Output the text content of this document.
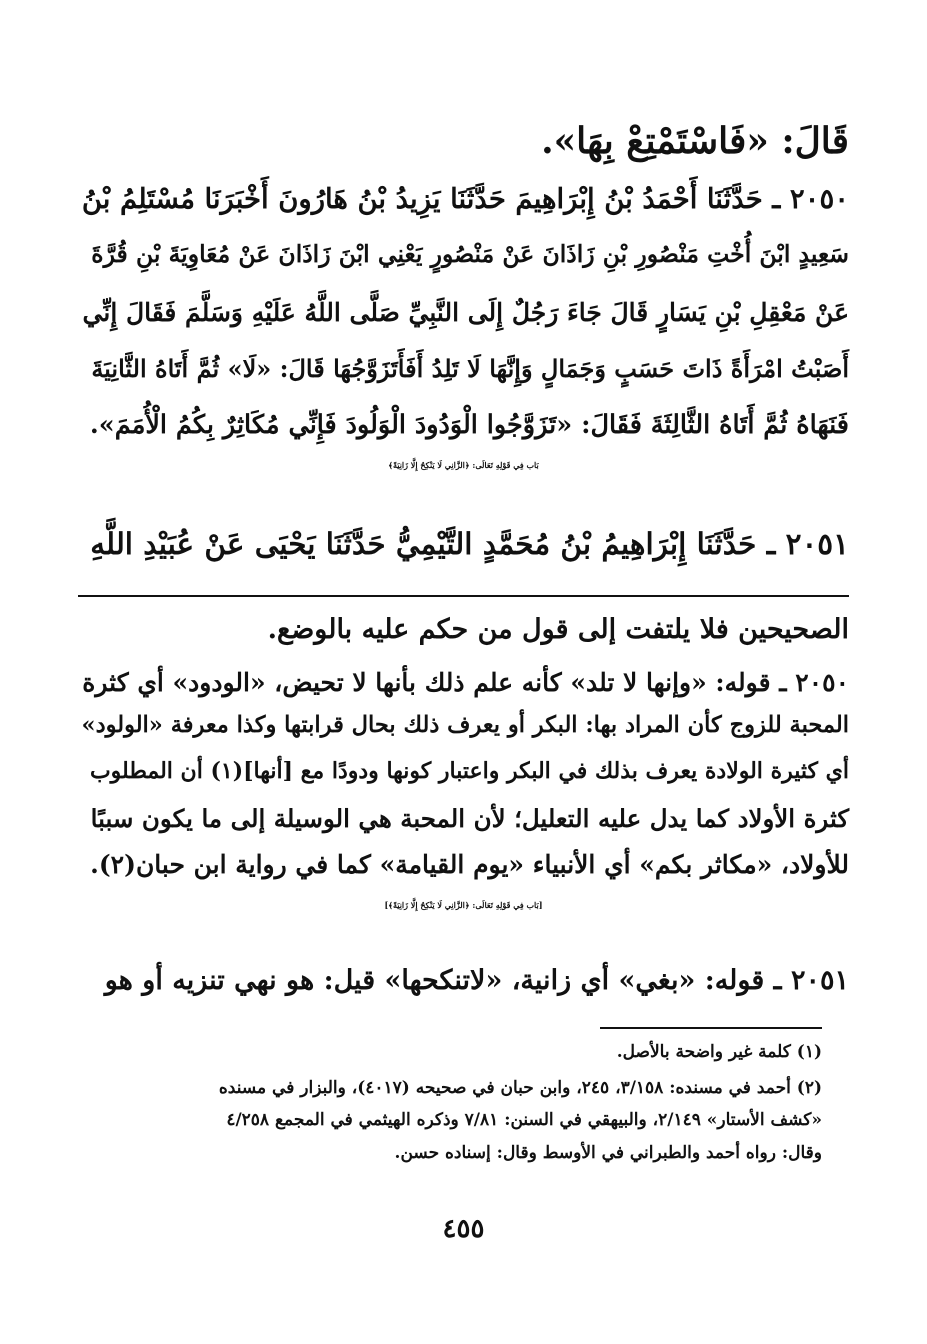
قَالَ: «فَاسْتَمْتِعْ بِهَا».
٢٠٥٠ ـ حَدَّثَنَا أَحْمَدُ بْنُ إِبْرَاهِيمَ حَدَّثَنَا يَزِيدُ بْنُ هَارُونَ أَخْبَرَنَا مُسْتَلِمُ بْنُ
سَعِيدٍ ابْنَ أُخْتِ مَنْصُورِ بْنِ زَاذَانَ عَنْ مَنْصُورٍ يَعْنِي ابْنَ زَاذَانَ عَنْ مُعَاوِيَةَ بْنِ قُرَّةَ
عَنْ مَعْقِلِ بْنِ يَسَارٍ قَالَ جَاءَ رَجُلٌ إِلَى النَّبِيِّ صَلَّى اللَّهُ عَلَيْهِ وَسَلَّمَ فَقَالَ إِنِّي
أَصَبْتُ امْرَأَةً ذَاتَ حَسَبٍ وَجَمَالٍ وَإِنَّهَا لَا تَلِدُ أَفَأَتَزَوَّجُهَا قَالَ: «لَا» ثُمَّ أَتَاهُ الثَّانِيَةَ
فَنَهَاهُ ثُمَّ أَتَاهُ الثَّالِثَةَ فَقَالَ: «تَزَوَّجُوا الْوَدُودَ الْوَلُودَ فَإِنِّي مُكَاثِرٌ بِكُمُ الْأُمَمَ».
بَاب فِي قَوْلِهِ تَعَالَى: ﴿الزَّانِي لَا يَنْكِحُ إِلَّا زَانِيَةً﴾
٢٠٥١ ـ حَدَّثَنَا إِبْرَاهِيمُ بْنُ مُحَمَّدٍ التَّيْمِيُّ حَدَّثَنَا يَحْيَى عَنْ عُبَيْدِ اللَّهِ
الصحيحين فلا يلتفت إلى قول من حكم عليه بالوضع.
٢٠٥٠ ـ قوله: «وإنها لا تلد» كأنه علم ذلك بأنها لا تحيض، «الودود» أي كثرة
المحبة للزوج كأن المراد بها: البكر أو يعرف ذلك بحال قرابتها وكذا معرفة «الولود»
أي كثيرة الولادة يعرف بذلك في البكر واعتبار كونها ودودًا مع [أنها](١) أن المطلوب
كثرة الأولاد كما يدل عليه التعليل؛ لأن المحبة هي الوسيلة إلى ما يكون سببًا
للأولاد، «مكاثر بكم» أي الأنبياء «يوم القيامة» كما في رواية ابن حبان(٢).
[بَاب فِي قَوْلِهِ تَعَالَى: ﴿الزَّانِي لَا يَنْكِحُ إِلَّا زَانِيَةً﴾]
٢٠٥١ ـ قوله: «بغي» أي زانية، «لاتنكحها» قيل: هو نهي تنزيه أو هو
(١) كلمة غير واضحة بالأصل.
(٢) أحمد في مسنده: ٣/١٥٨، ٢٤٥، وابن حبان في صحيحه (٤٠١٧)، والبزار في مسنده
«كشف الأستار» ٢/١٤٩، والبيهقي في السنن: ٧/٨١ وذكره الهيثمي في المجمع ٤/٢٥٨
وقال: رواه أحمد والطبراني في الأوسط وقال: إسناده حسن.
٤٥٥
